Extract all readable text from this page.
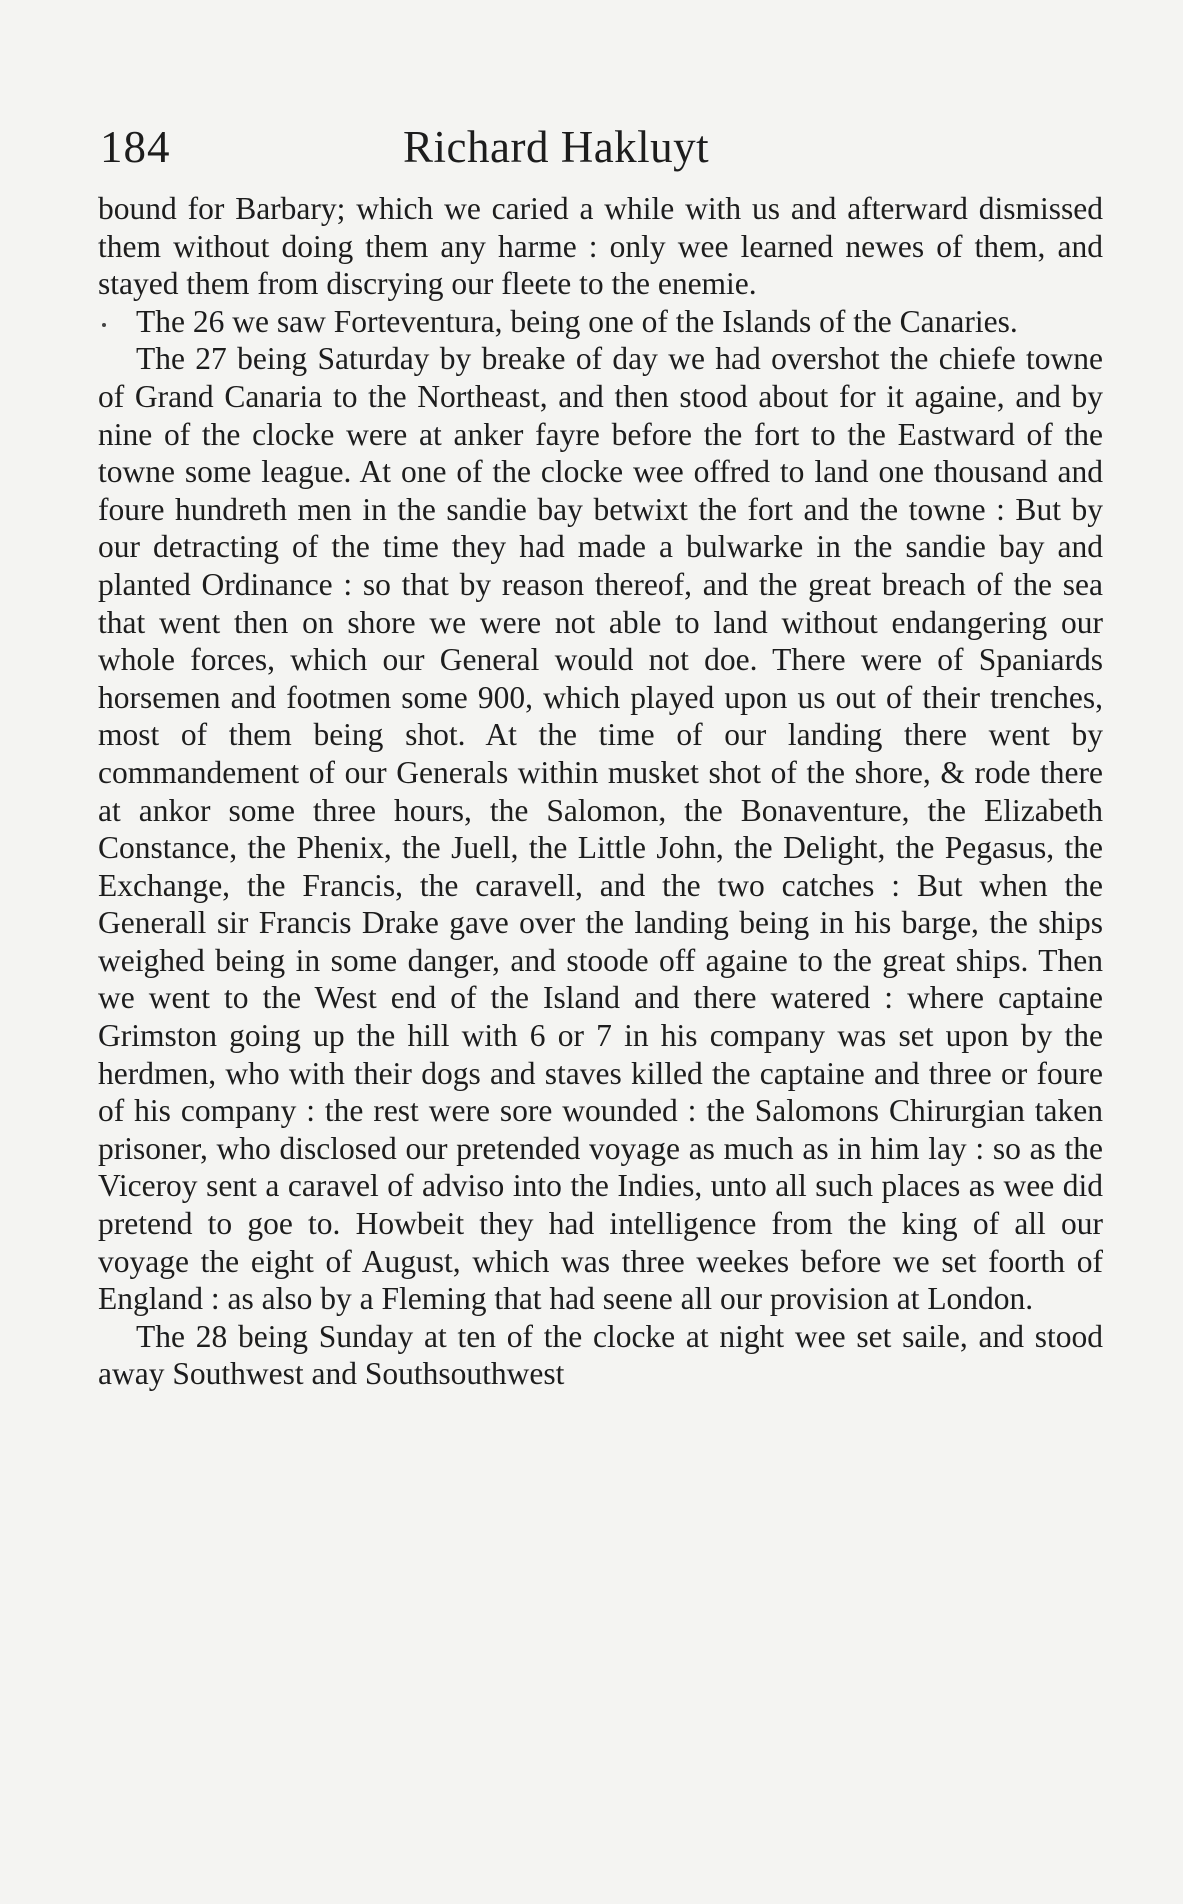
184	Richard Hakluyt

bound for Barbary; which we caried a while with us and afterward dismissed them without doing them any harme : only wee learned newes of them, and stayed them from discrying our fleete to the enemie.

The 26 we saw Forteventura, being one of the Islands of the Canaries.

The 27 being Saturday by breake of day we had overshot the chiefe towne of Grand Canaria to the Northeast, and then stood about for it againe, and by nine of the clocke were at anker fayre before the fort to the Eastward of the towne some league. At one of the clocke wee offred to land one thousand and foure hundreth men in the sandie bay betwixt the fort and the towne : But by our detracting of the time they had made a bulwarke in the sandie bay and planted Ordinance : so that by reason thereof, and the great breach of the sea that went then on shore we were not able to land without endangering our whole forces, which our General would not doe. There were of Spaniards horsemen and footmen some 900, which played upon us out of their trenches, most of them being shot. At the time of our landing there went by commandement of our Generals within musket shot of the shore, & rode there at ankor some three hours, the Salomon, the Bonaventure, the Elizabeth Constance, the Phenix, the Juell, the Little John, the Delight, the Pegasus, the Exchange, the Francis, the caravell, and the two catches : But when the Generall sir Francis Drake gave over the landing being in his barge, the ships weighed being in some danger, and stoode off againe to the great ships. Then we went to the West end of the Island and there watered : where captaine Grimston going up the hill with 6 or 7 in his company was set upon by the herdmen, who with their dogs and staves killed the captaine and three or foure of his company : the rest were sore wounded : the Salomons Chirurgian taken prisoner, who disclosed our pretended voyage as much as in him lay : so as the Viceroy sent a caravel of adviso into the Indies, unto all such places as wee did pretend to goe to. Howbeit they had intelligence from the king of all our voyage the eight of August, which was three weekes before we set foorth of England : as also by a Fleming that had seene all our provision at London.

The 28 being Sunday at ten of the clocke at night wee set saile, and stood away Southwest and Southsouthwest
